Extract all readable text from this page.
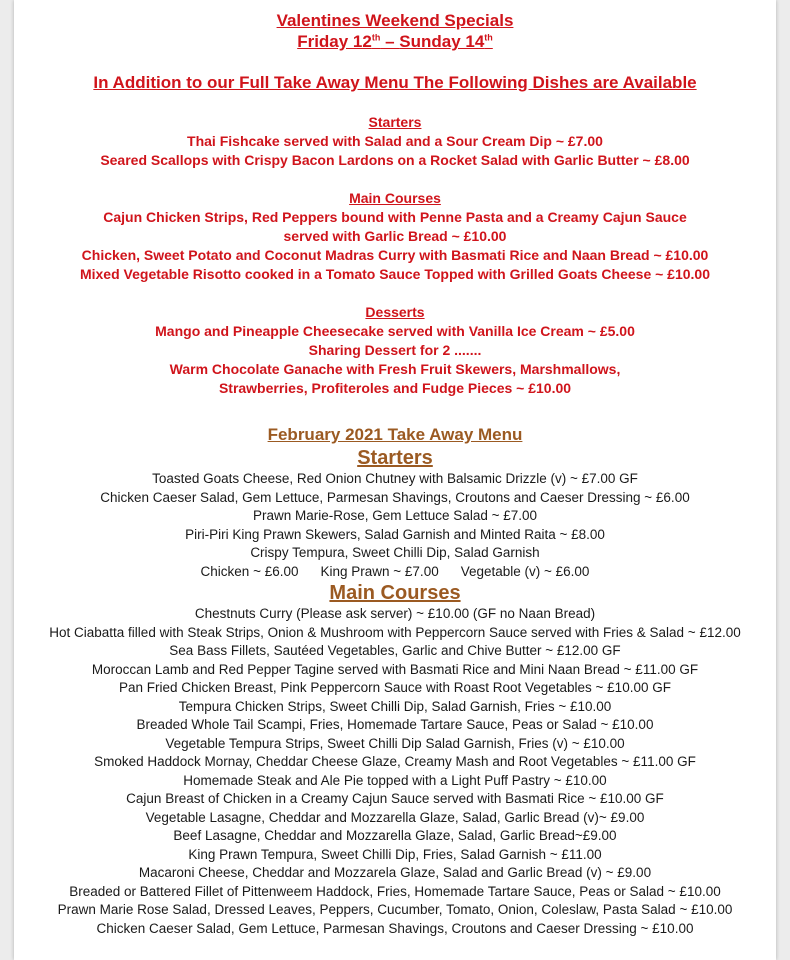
Valentines Weekend Specials
Friday 12th – Sunday 14th
In Addition to our Full Take Away Menu The Following Dishes are Available
Starters
Thai Fishcake served with Salad and a Sour Cream Dip ~ £7.00
Seared Scallops with Crispy Bacon Lardons on a Rocket Salad with Garlic Butter ~ £8.00
Main Courses
Cajun Chicken Strips, Red Peppers bound with Penne Pasta and a Creamy Cajun Sauce
served with Garlic Bread ~ £10.00
Chicken, Sweet Potato and Coconut Madras Curry with Basmati Rice and Naan Bread ~ £10.00
Mixed Vegetable Risotto cooked in a Tomato Sauce Topped with Grilled Goats Cheese ~ £10.00
Desserts
Mango and Pineapple Cheesecake served with Vanilla Ice Cream ~ £5.00
Sharing Dessert for 2 .......
Warm Chocolate Ganache with Fresh Fruit Skewers, Marshmallows,
Strawberries, Profiteroles and Fudge Pieces ~ £10.00
February 2021 Take Away Menu
Starters
Toasted Goats Cheese, Red Onion Chutney with Balsamic Drizzle (v) ~ £7.00 GF
Chicken Caeser Salad, Gem Lettuce, Parmesan Shavings, Croutons and Caeser Dressing ~ £6.00
Prawn Marie-Rose, Gem Lettuce Salad ~ £7.00
Piri-Piri King Prawn Skewers, Salad Garnish and Minted Raita ~ £8.00
Crispy Tempura, Sweet Chilli Dip, Salad Garnish
Chicken ~ £6.00 King Prawn ~ £7.00 Vegetable (v) ~ £6.00
Main Courses
Chestnuts Curry (Please ask server) ~ £10.00 (GF no Naan Bread)
Hot Ciabatta filled with Steak Strips, Onion & Mushroom with Peppercorn Sauce served with Fries & Salad ~ £12.00
Sea Bass Fillets, Sautéed Vegetables, Garlic and Chive Butter ~ £12.00 GF
Moroccan Lamb and Red Pepper Tagine served with Basmati Rice and Mini Naan Bread ~ £11.00 GF
Pan Fried Chicken Breast, Pink Peppercorn Sauce with Roast Root Vegetables ~ £10.00 GF
Tempura Chicken Strips, Sweet Chilli Dip, Salad Garnish, Fries ~ £10.00
Breaded Whole Tail Scampi, Fries, Homemade Tartare Sauce, Peas or Salad ~ £10.00
Vegetable Tempura Strips, Sweet Chilli Dip Salad Garnish, Fries (v) ~ £10.00
Smoked Haddock Mornay, Cheddar Cheese Glaze, Creamy Mash and Root Vegetables ~ £11.00 GF
Homemade Steak and Ale Pie topped with a Light Puff Pastry ~ £10.00
Cajun Breast of Chicken in a Creamy Cajun Sauce served with Basmati Rice ~ £10.00 GF
Vegetable Lasagne, Cheddar and Mozzarella Glaze, Salad, Garlic Bread (v)~ £9.00
Beef Lasagne, Cheddar and Mozzarella Glaze, Salad, Garlic Bread~£9.00
King Prawn Tempura, Sweet Chilli Dip, Fries, Salad Garnish ~ £11.00
Macaroni Cheese, Cheddar and Mozzarela Glaze, Salad and Garlic Bread (v) ~ £9.00
Breaded or Battered Fillet of Pittenweem Haddock, Fries, Homemade Tartare Sauce, Peas or Salad ~ £10.00
Prawn Marie Rose Salad, Dressed Leaves, Peppers, Cucumber, Tomato, Onion, Coleslaw, Pasta Salad ~ £10.00
Chicken Caeser Salad, Gem Lettuce, Parmesan Shavings, Croutons and Caeser Dressing ~ £10.00
